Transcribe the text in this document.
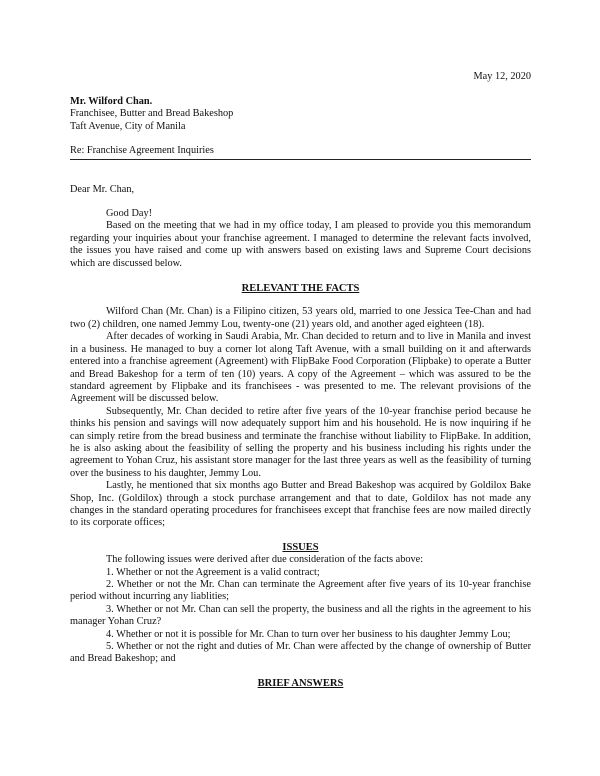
May 12, 2020
Mr. Wilford Chan.
Franchisee, Butter and Bread Bakeshop
Taft Avenue, City of Manila
Re: Franchise Agreement Inquiries
Dear Mr. Chan,

Good Day!

Based on the meeting that we had in my office today, I am pleased to provide you this memorandum regarding your inquiries about your franchise agreement. I managed to determine the relevant facts involved, the issues you have raised and come up with answers based on existing laws and Supreme Court decisions which are discussed below.

RELEVANT THE FACTS

Wilford Chan (Mr. Chan) is a Filipino citizen, 53 years old, married to one Jessica Tee-Chan and had two (2) children, one named Jemmy Lou, twenty-one (21) years old, and another aged eighteen (18).

After decades of working in Saudi Arabia, Mr. Chan decided to return and to live in Manila and invest in a business. He managed to buy a corner lot along Taft Avenue, with a small building on it and afterwards entered into a franchise agreement (Agreement) with FlipBake Food Corporation (Flipbake) to operate a Butter and Bread Bakeshop for a term of ten (10) years. A copy of the Agreement – which was assured to be the standard agreement by Flipbake and its franchisees - was presented to me. The relevant provisions of the Agreement will be discussed below.

Subsequently, Mr. Chan decided to retire after five years of the 10-year franchise period because he thinks his pension and savings will now adequately support him and his household. He is now inquiring if he can simply retire from the bread business and terminate the franchise without liability to FlipBake. In addition, he is also asking about the feasibility of selling the property and his business including his rights under the agreement to Yohan Cruz, his assistant store manager for the last three years as well as the feasibility of turning over the business to his daughter, Jemmy Lou.

Lastly, he mentioned that six months ago Butter and Bread Bakeshop was acquired by Goldilox Bake Shop, Inc. (Goldilox) through a stock purchase arrangement and that to date, Goldilox has not made any changes in the standard operating procedures for franchisees except that franchise fees are now mailed directly to its corporate offices;

ISSUES

The following issues were derived after due consideration of the facts above:

1. Whether or not the Agreement is a valid contract;
2. Whether or not the Mr. Chan can terminate the Agreement after five years of its 10-year franchise period without incurring any liablities;
3. Whether or not Mr. Chan can sell the property, the business and all the rights in the agreement to his manager Yohan Cruz?
4. Whether or not it is possible for Mr. Chan to turn over her business to his daughter Jemmy Lou;
5. Whether or not the right and duties of Mr. Chan were affected by the change of ownership of Butter and Bread Bakeshop; and
BRIEF ANSWERS
